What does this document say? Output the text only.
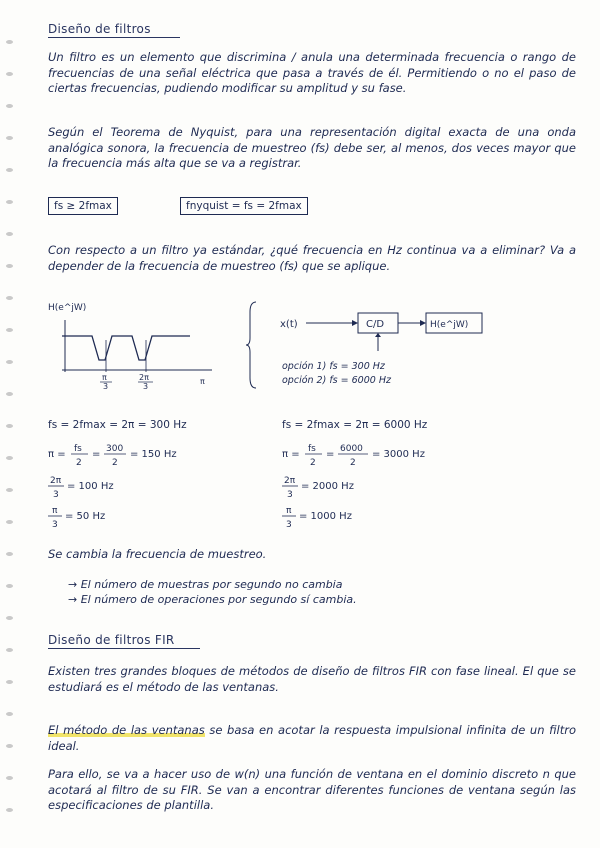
Diseño de filtros

Un filtro es un elemento que discrimina / anula una determinada frecuencia o rango de frecuencias de una señal eléctrica que pasa a través de él. Permitiendo o no el paso de ciertas frecuencias, pudiendo modificar su amplitud y su fase.

Según el Teorema de Nyquist, para una representación digital exacta de una onda analógica sonora, la frecuencia de muestreo (fs) debe ser, al menos, dos veces mayor que la frecuencia más alta que se va a registrar.

fs ≥ 2fmax	fnyquist = fs = 2fmax

Con respecto a un filtro ya estándar, ¿qué frecuencia en Hz continua va a eliminar? Va a depender de la frecuencia de muestreo (fs) que se aplique.

H(e^jW)
π
3
2π
3
π
x(t)	C/D	H(e^jW)
opción 1) fs = 300 Hz
opción 2) fs = 6000 Hz
fs = 2fmax = 2π = 300 Hz
π = fs
2
= 300
2
= 150 Hz
2π
3
= 100 Hz
π
3
= 50 Hz
fs = 2fmax = 2π = 6000 Hz
π = fs
2
= 6000
2
= 3000 Hz
2π
3
= 2000 Hz
π
3
= 1000 Hz
Se cambia la frecuencia de muestreo.
→ El número de muestras por segundo no cambia
→ El número de operaciones por segundo sí cambia.
Diseño de filtros FIR

Existen tres grandes bloques de métodos de diseño de filtros FIR con fase lineal. El que se estudiará es el método de las ventanas.

El método de las ventanas se basa en acotar la respuesta impulsional infinita de un filtro ideal.

Para ello, se va a hacer uso de w(n) una función de ventana en el dominio discreto n que acotará al filtro de su FIR. Se van a encontrar diferentes funciones de ventana según las especificaciones de plantilla.
